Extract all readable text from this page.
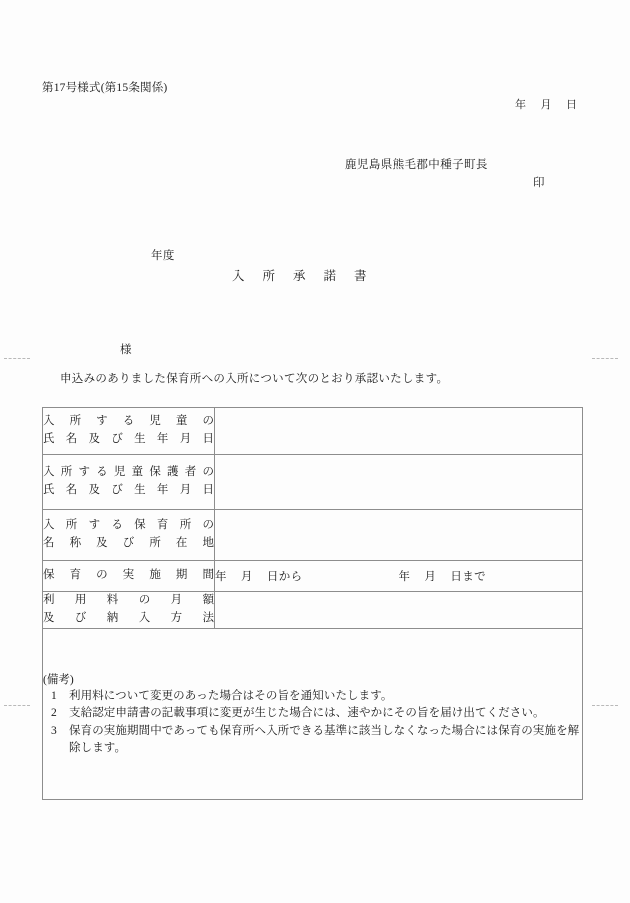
第17号様式(第15条関係)
年 月 日
鹿児島県熊毛郡中種子町長
印
年度
入所承諾書
様
申込みのありました保育所への入所について次のとおり承認いたします。
入所する児童の
氏名及び生年月日	

入所する児童保護者の
氏名及び生年月日	

入所する保育所の
名称及び所在地	

保育の実施期間	年 月 日から 年 月 日まで

利用料の月額
及び納入方法	

(備考)

1 利用料について変更のあった場合はその旨を通知いたします。
2 支給認定申請書の記載事項に変更が生じた場合には、速やかにその旨を届け出てください。
3 保育の実施期間中であっても保育所へ入所できる基準に該当しなくなった場合には保育の実施を解除します。
